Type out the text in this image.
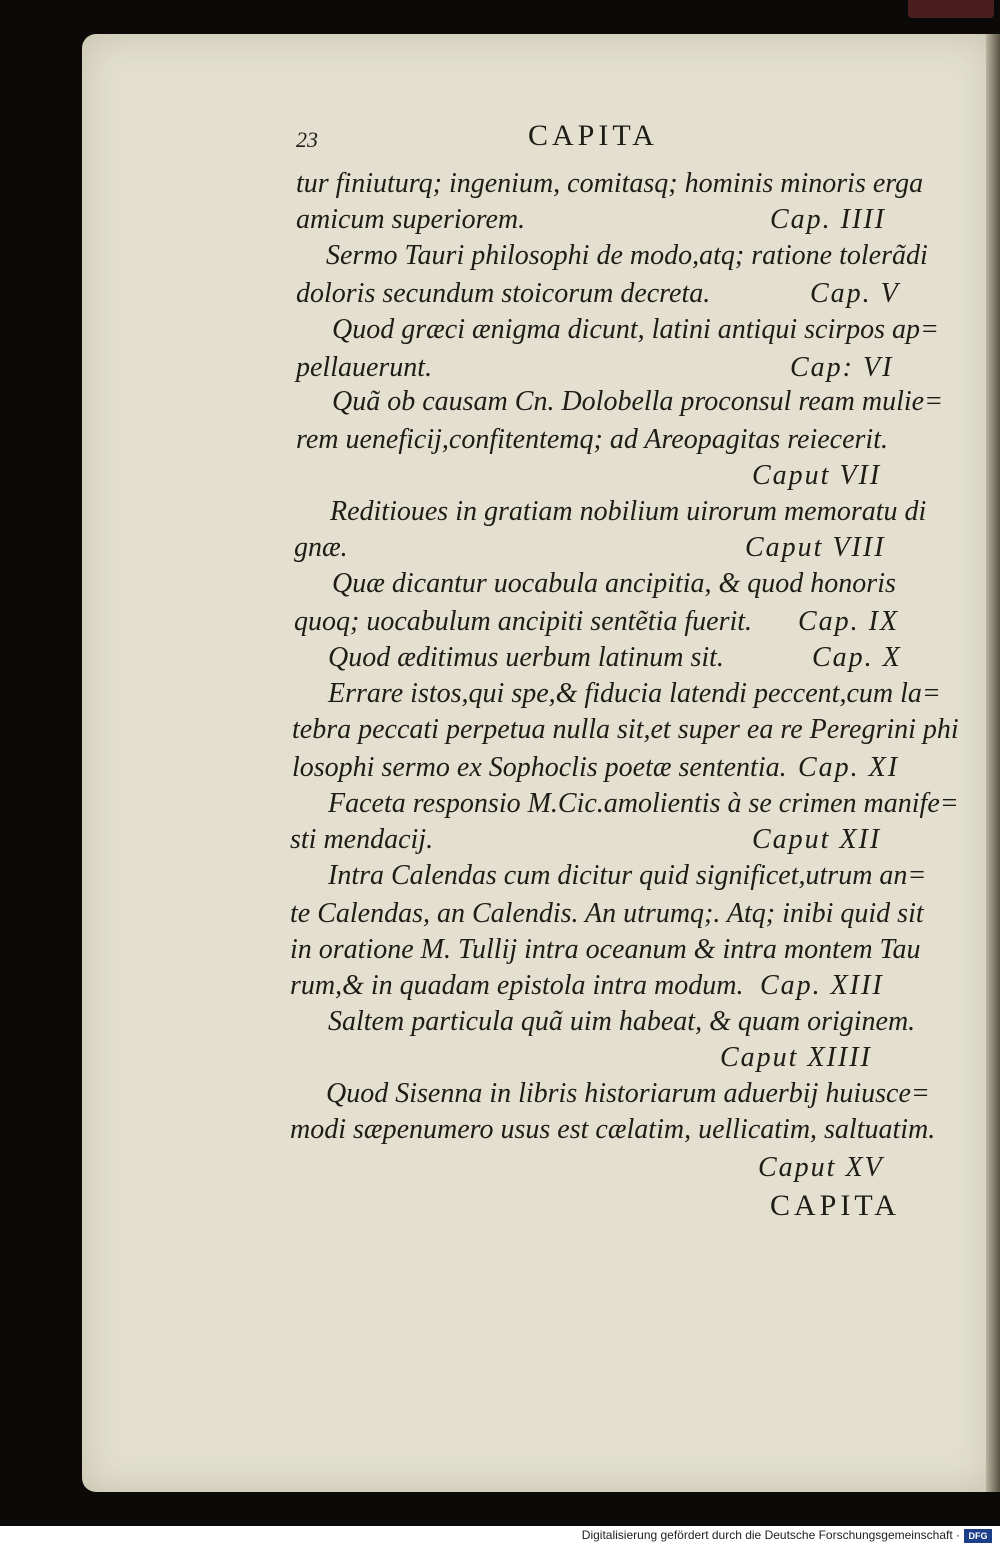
23	CAPITA
tur finiuturq; ingenium, comitasq; hominis minoris erga
amicum superiorem.	Cap. IIII
Sermo Tauri philosophi de modo,atq; ratione tolerãdi
doloris secundum stoicorum decreta.	Cap. V
Quod græci ænigma dicunt, latini antiqui scirpos ap=
pellauerunt.	Cap: VI
Quã ob causam Cn. Dolobella proconsul ream mulie=
rem ueneficij,confitentemq; ad Areopagitas reiecerit.
Caput VII
Reditioues in gratiam nobilium uirorum memoratu di
gnæ.	Caput VIII
Quæ dicantur uocabula ancipitia, & quod honoris
quoq; uocabulum ancipiti sentẽtia fuerit. Cap. IX
Quod æditimus uerbum latinum sit.	Cap. X
Errare istos,qui spe,& fiducia latendi peccent,cum la=
tebra peccati perpetua nulla sit,et super ea re Peregrini phi
losophi sermo ex Sophoclis poetæ sententia. Cap. XI
Faceta responsio M.Cic.amolientis à se crimen manife=
sti mendacij.	Caput XII
Intra Calendas cum dicitur quid significet,utrum an=
te Calendas, an Calendis. An utrumq;. Atq; inibi quid sit
in oratione M. Tullij intra oceanum & intra montem Tau
rum,& in quadam epistola intra modum. Cap. XIII
Saltem particula quã uim habeat, & quam originem.
Caput XIIII
Quod Sisenna in libris historiarum aduerbij huiusce=
modi sæpenumero usus est cælatim, uellicatim, saltuatim.
Caput XV
CAPITA
Digitalisierung gefördert durch die Deutsche Forschungsgemeinschaft · DFG
